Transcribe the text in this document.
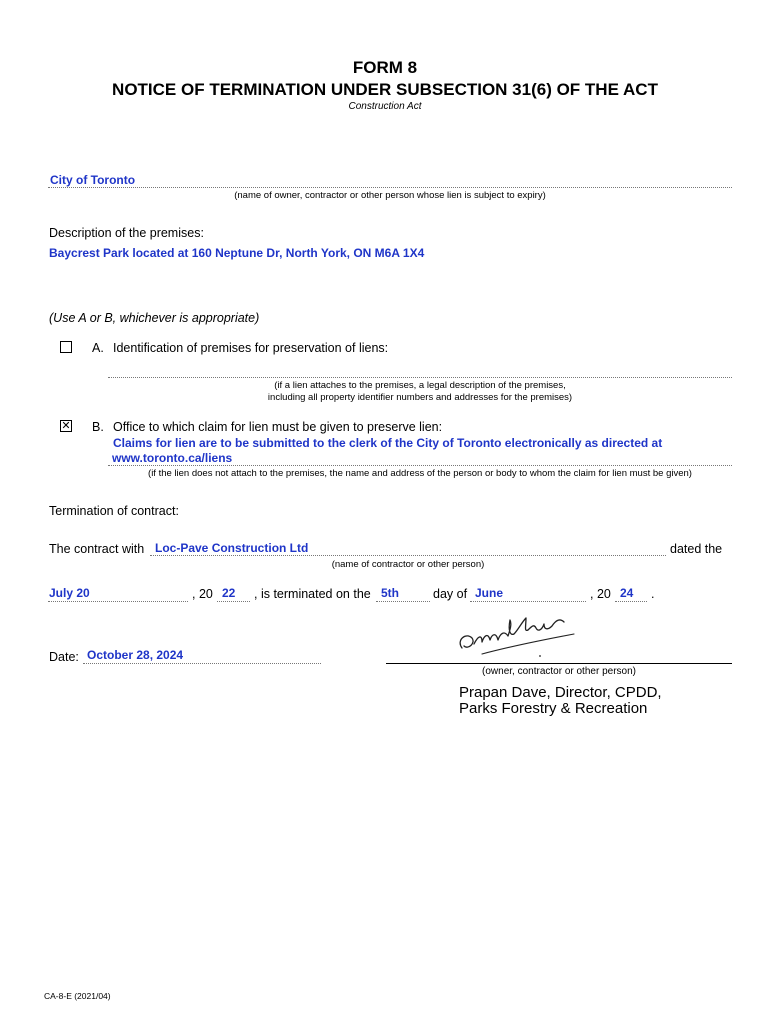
FORM 8
NOTICE OF TERMINATION UNDER SUBSECTION 31(6) OF THE ACT
Construction Act
City of Toronto
(name of owner, contractor or other person whose lien is subject to expiry)
Description of the premises:
Baycrest Park located at 160 Neptune Dr, North York, ON M6A 1X4
(Use A or B, whichever is appropriate)
A. Identification of premises for preservation of liens:
(if a lien attaches to the premises, a legal description of the premises,
including all property identifier numbers and addresses for the premises)
✕ B. Office to which claim for lien must be given to preserve lien:
Claims for lien are to be submitted to the clerk of the City of Toronto electronically as directed at
www.toronto.ca/liens
(if the lien does not attach to the premises, the name and address of the person or body to whom the claim for lien must be given)
Termination of contract:
The contract with Loc-Pave Construction Ltd	dated the
(name of contractor or other person)
July 20	, 20 22 , is terminated on the 5th	day of June	, 20 24 .
Date: October 28, 2024
(owner, contractor or other person)
Prapan Dave, Director, CPDD,
Parks Forestry & Recreation
CA-8-E (2021/04)
